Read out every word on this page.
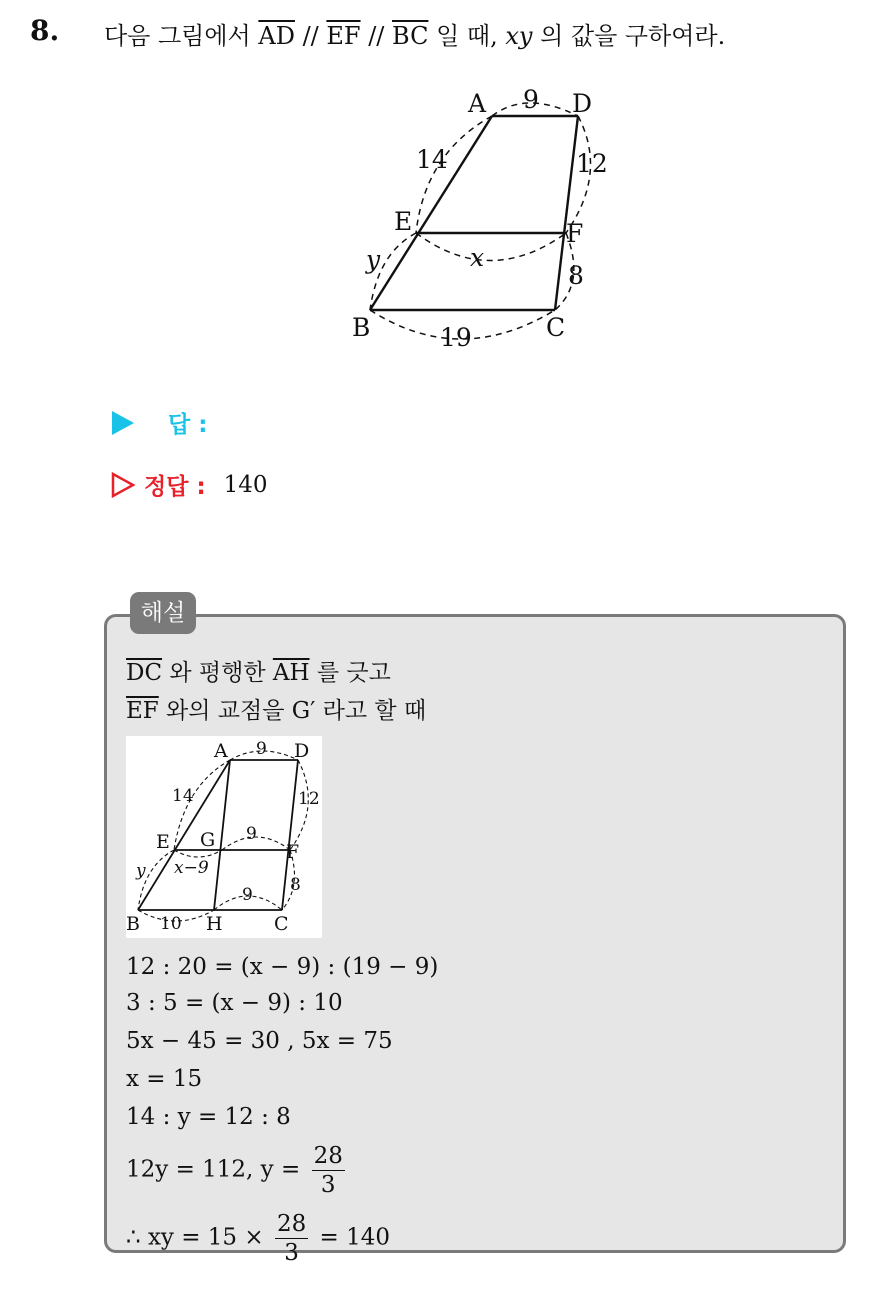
8. 다음 그림에서 $\overline{AD} // \overline{EF} // \overline{BC}$ 일 때, xy 의 값을 구하여라.
A	D
E	F
B	C
9
14	12
y	x
8
19
답 :
정답 : 140
해설
$\overline{DC}$ 와 평행한 $\overline{AH}$ 를 긋고
$\overline{EF}$ 와의 교점을 G′ 라고 할 때
A	D
E G
F
B	H	C
9
14	12
9
x−9
y
9 8
10
12 : 20 = (x − 9) : (19 − 9)
3 : 5 = (x − 9) : 10
5x − 45 = 30 , 5x = 75
x = 15
14 : y = 12 : 8
12y = 112, $y = \frac{28}{3}$
∴ xy = $15 \times \frac{28}{3} = 140$
